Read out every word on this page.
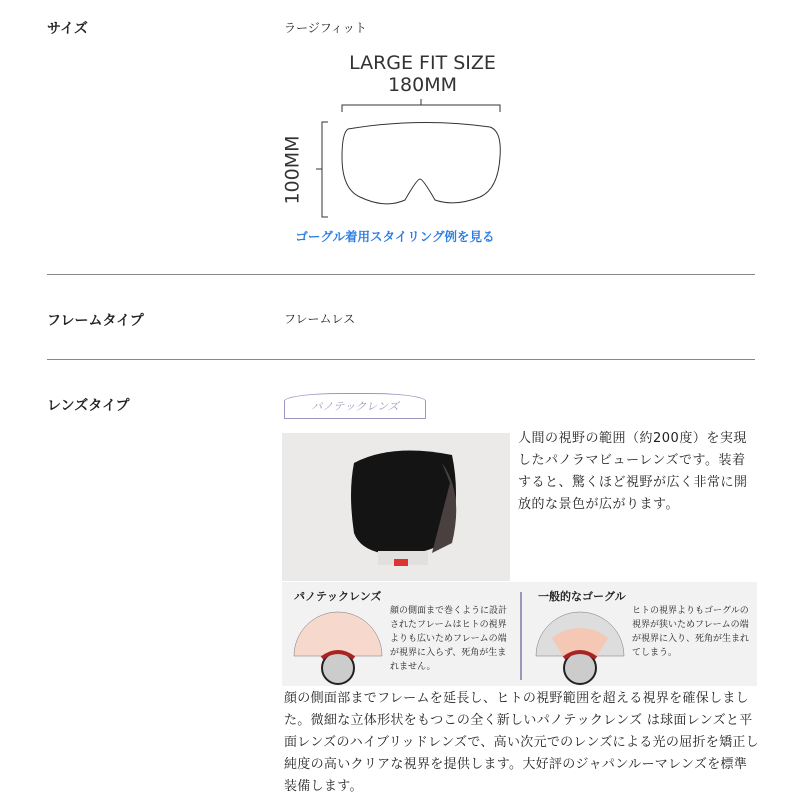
サイズ	ラージフィット
LARGE FIT SIZE
180MM
100MM
ゴーグル着用スタイリング例を見る
フレームタイプ	フレームレス
レンズタイプ	パノテックレンズ
人間の視野の範囲（約200度）を実現したパノラマビューレンズです。装着すると、驚くほど視野が広く非常に開放的な景色が広がります。
パノテックレンズ
顔の側面まで巻くように設計されたフレームはヒトの視界よりも広いためフレームの端が視界に入らず、死角が生まれません。
一般的なゴーグル
ヒトの視界よりもゴーグルの視界が狭いためフレームの端が視界に入り、死角が生まれてしまう。
顔の側面部までフレームを延長し、ヒトの視野範囲を超える視界を確保しました。微細な立体形状をもつこの全く新しいパノテックレンズ は球面レンズと平面レンズのハイブリッドレンズで、高い次元でのレンズによる光の屈折を矯正し純度の高いクリアな視界を提供します。大好評のジャパンルーマレンズを標準装備します。
